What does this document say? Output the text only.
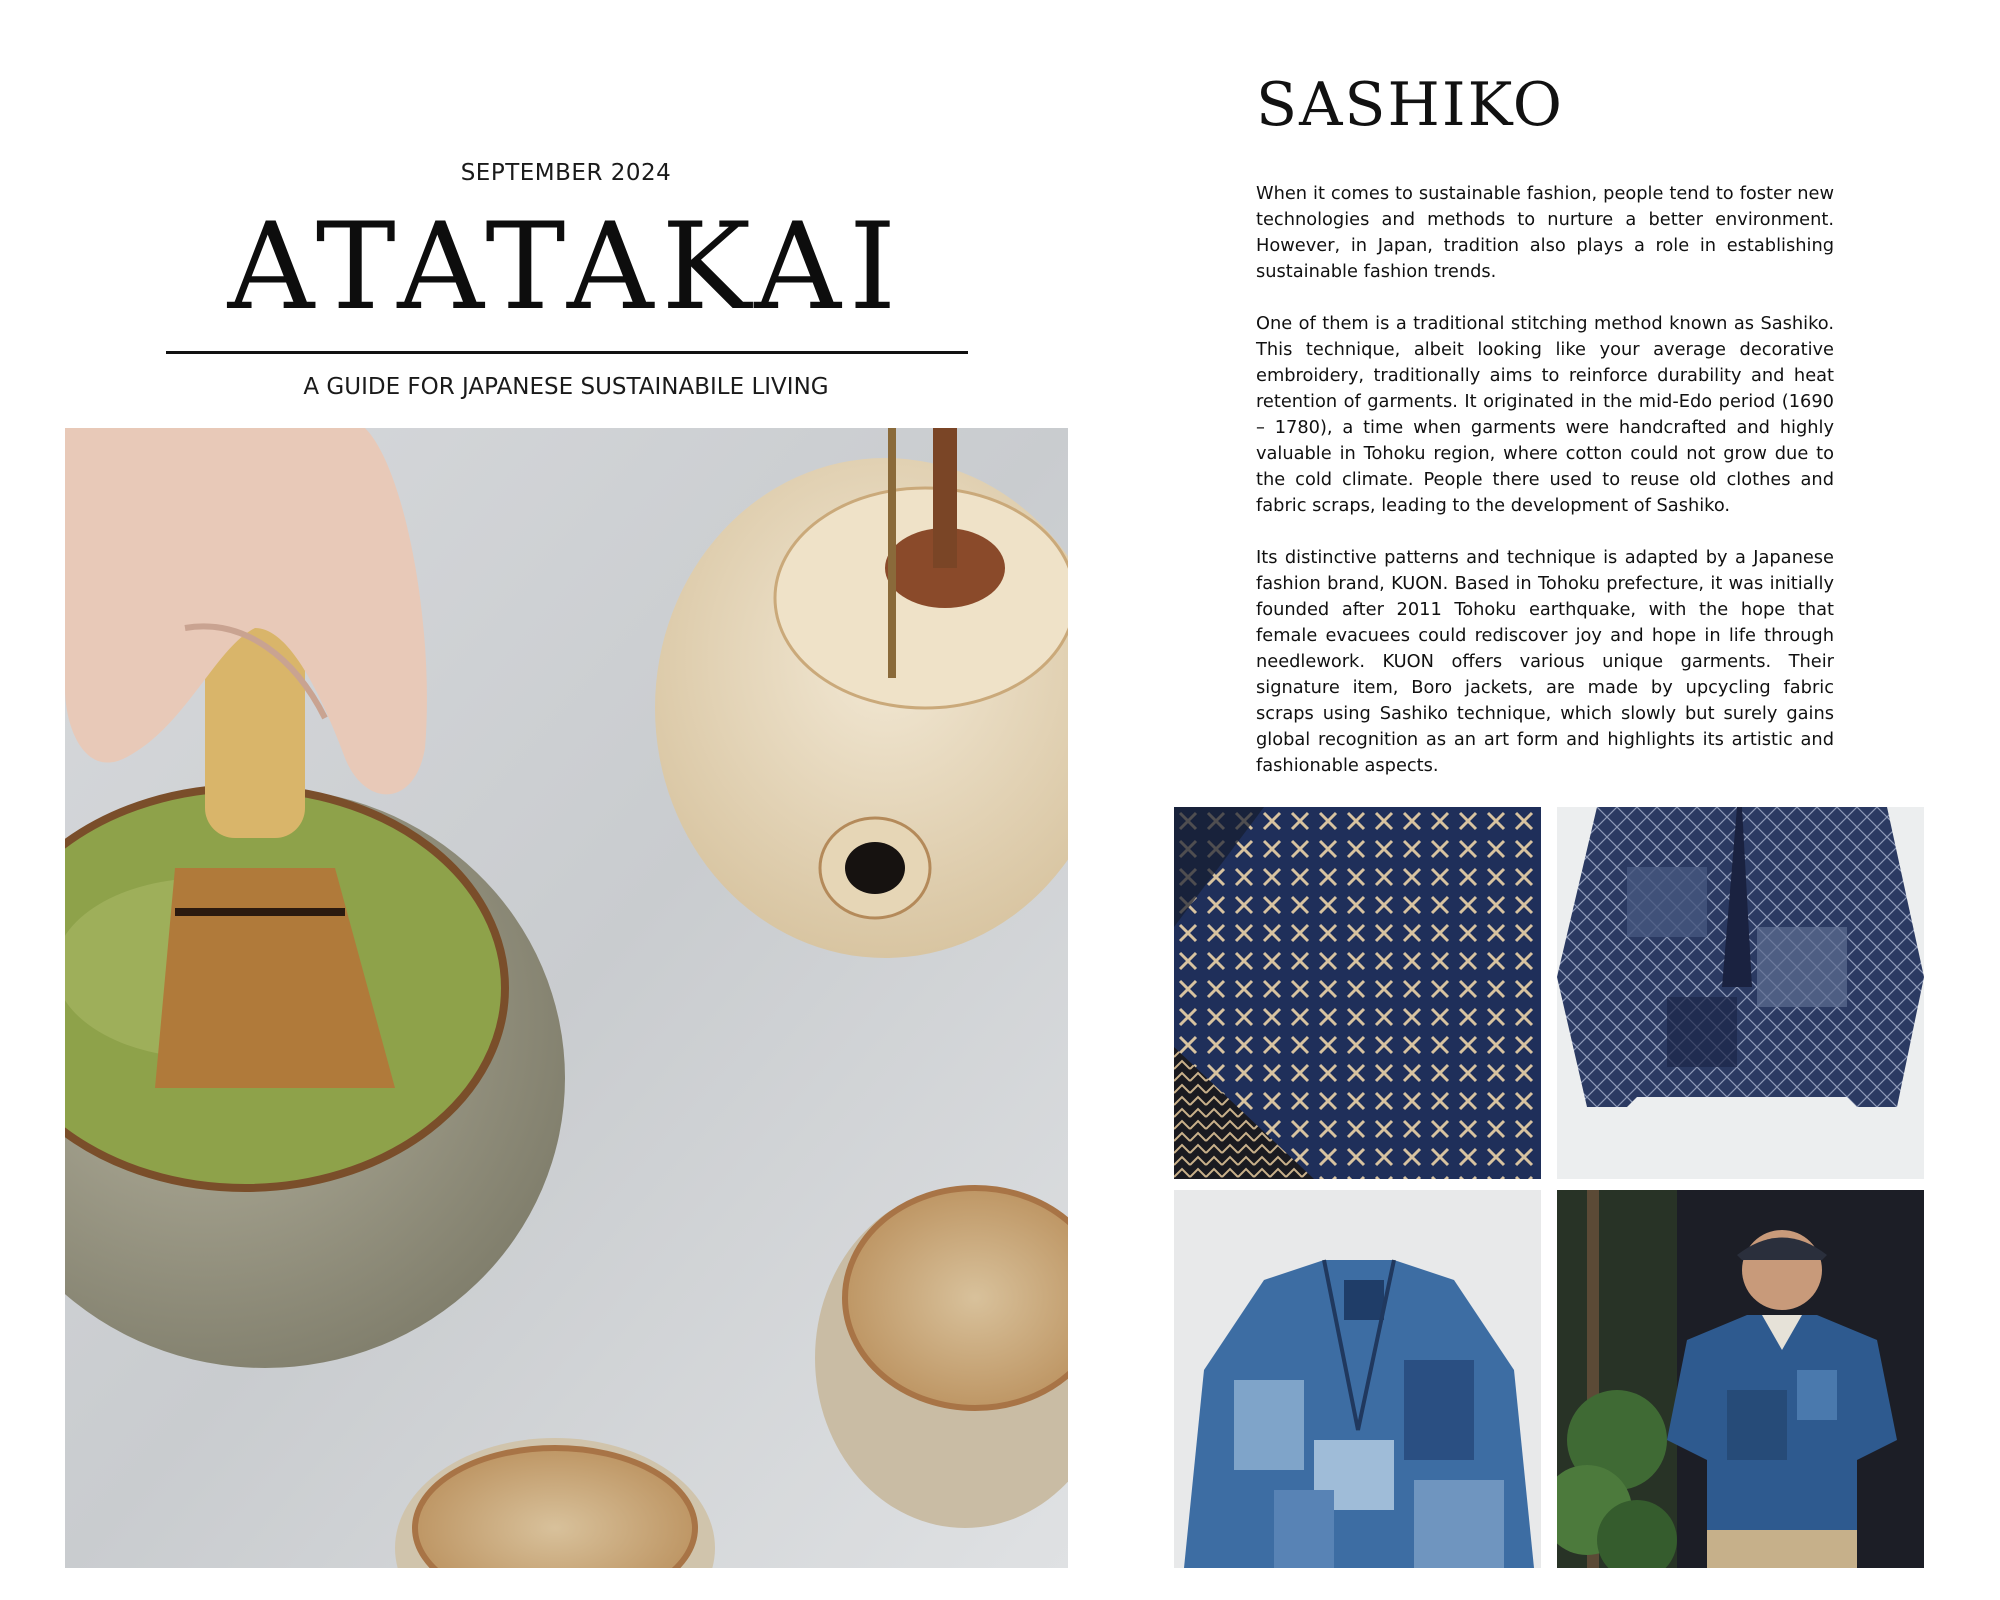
SEPTEMBER 2024
ATATAKAI
A GUIDE FOR JAPANESE SUSTAINABILE LIVING
SASHIKO
When it comes to sustainable fashion, people tend to foster new technologies and methods to nurture a better environment. However, in Japan, tradition also plays a role in establishing sustainable fashion trends.
One of them is a traditional stitching method known as Sashiko. This technique, albeit looking like your average decorative embroidery, traditionally aims to reinforce durability and heat retention of garments. It originated in the mid-Edo period (1690 – 1780), a time when garments were handcrafted and highly valuable in Tohoku region, where cotton could not grow due to the cold climate. People there used to reuse old clothes and fabric scraps, leading to the development of Sashiko.
Its distinctive patterns and technique is adapted by a Japanese fashion brand, KUON. Based in Tohoku prefecture, it was initially founded after 2011 Tohoku earthquake, with the hope that female evacuees could rediscover joy and hope in life through needlework. KUON offers various unique garments. Their signature item, Boro jackets, are made by upcycling fabric scraps using Sashiko technique, which slowly but surely gains global recognition as an art form and highlights its artistic and fashionable aspects.
